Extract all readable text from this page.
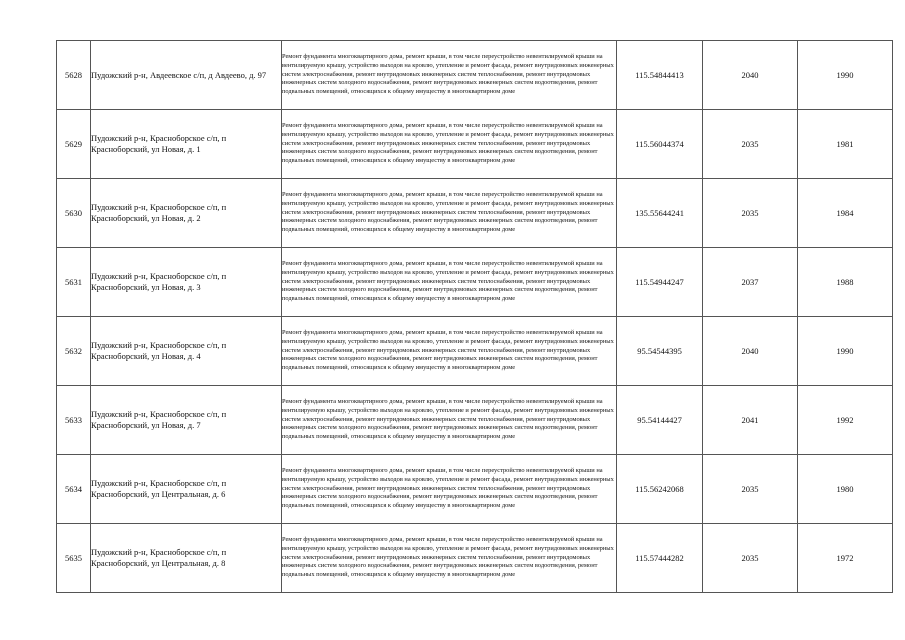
5628	Пудожский р-н, Авдеевское с/п, д Авдеево, д. 97	Ремонт фундамента многоквартирного дома, ремонт крыши, в том числе переустройство невентилируемой крыши на вентилируемую крышу, устройство выходов на кровлю, утепление и ремонт фасада, ремонт внутридомовых инженерных систем электроснабжения, ремонт внутридомовых инженерных систем теплоснабжения, ремонт внутридомовых инженерных систем холодного водоснабжения, ремонт внутридомовых инженерных систем водоотведения, ремонт подвальных помещений, относящихся к общему имуществу в многоквартирном доме	115.54844413	2040	1990
5629	Пудожский р-н, Красноборское с/п, п Красноборский, ул Новая, д. 1	Ремонт фундамента многоквартирного дома, ремонт крыши, в том числе переустройство невентилируемой крыши на вентилируемую крышу, устройство выходов на кровлю, утепление и ремонт фасада, ремонт внутридомовых инженерных систем электроснабжения, ремонт внутридомовых инженерных систем теплоснабжения, ремонт внутридомовых инженерных систем холодного водоснабжения, ремонт внутридомовых инженерных систем водоотведения, ремонт подвальных помещений, относящихся к общему имуществу в многоквартирном доме	115.56044374	2035	1981
5630	Пудожский р-н, Красноборское с/п, п Красноборский, ул Новая, д. 2	Ремонт фундамента многоквартирного дома, ремонт крыши, в том числе переустройство невентилируемой крыши на вентилируемую крышу, устройство выходов на кровлю, утепление и ремонт фасада, ремонт внутридомовых инженерных систем электроснабжения, ремонт внутридомовых инженерных систем теплоснабжения, ремонт внутридомовых инженерных систем холодного водоснабжения, ремонт внутридомовых инженерных систем водоотведения, ремонт подвальных помещений, относящихся к общему имуществу в многоквартирном доме	135.55644241	2035	1984
5631	Пудожский р-н, Красноборское с/п, п Красноборский, ул Новая, д. 3	Ремонт фундамента многоквартирного дома, ремонт крыши, в том числе переустройство невентилируемой крыши на вентилируемую крышу, устройство выходов на кровлю, утепление и ремонт фасада, ремонт внутридомовых инженерных систем электроснабжения, ремонт внутридомовых инженерных систем теплоснабжения, ремонт внутридомовых инженерных систем холодного водоснабжения, ремонт внутридомовых инженерных систем водоотведения, ремонт подвальных помещений, относящихся к общему имуществу в многоквартирном доме	115.54944247	2037	1988
5632	Пудожский р-н, Красноборское с/п, п Красноборский, ул Новая, д. 4	Ремонт фундамента многоквартирного дома, ремонт крыши, в том числе переустройство невентилируемой крыши на вентилируемую крышу, устройство выходов на кровлю, утепление и ремонт фасада, ремонт внутридомовых инженерных систем электроснабжения, ремонт внутридомовых инженерных систем теплоснабжения, ремонт внутридомовых инженерных систем холодного водоснабжения, ремонт внутридомовых инженерных систем водоотведения, ремонт подвальных помещений, относящихся к общему имуществу в многоквартирном доме	95.54544395	2040	1990
5633	Пудожский р-н, Красноборское с/п, п Красноборский, ул Новая, д. 7	Ремонт фундамента многоквартирного дома, ремонт крыши, в том числе переустройство невентилируемой крыши на вентилируемую крышу, устройство выходов на кровлю, утепление и ремонт фасада, ремонт внутридомовых инженерных систем электроснабжения, ремонт внутридомовых инженерных систем теплоснабжения, ремонт внутридомовых инженерных систем холодного водоснабжения, ремонт внутридомовых инженерных систем водоотведения, ремонт подвальных помещений, относящихся к общему имуществу в многоквартирном доме	95.54144427	2041	1992
5634	Пудожский р-н, Красноборское с/п, п Красноборский, ул Центральная, д. 6	Ремонт фундамента многоквартирного дома, ремонт крыши, в том числе переустройство невентилируемой крыши на вентилируемую крышу, устройство выходов на кровлю, утепление и ремонт фасада, ремонт внутридомовых инженерных систем электроснабжения, ремонт внутридомовых инженерных систем теплоснабжения, ремонт внутридомовых инженерных систем холодного водоснабжения, ремонт внутридомовых инженерных систем водоотведения, ремонт подвальных помещений, относящихся к общему имуществу в многоквартирном доме	115.56242068	2035	1980
5635	Пудожский р-н, Красноборское с/п, п Красноборский, ул Центральная, д. 8	Ремонт фундамента многоквартирного дома, ремонт крыши, в том числе переустройство невентилируемой крыши на вентилируемую крышу, устройство выходов на кровлю, утепление и ремонт фасада, ремонт внутридомовых инженерных систем электроснабжения, ремонт внутридомовых инженерных систем теплоснабжения, ремонт внутридомовых инженерных систем холодного водоснабжения, ремонт внутридомовых инженерных систем водоотведения, ремонт подвальных помещений, относящихся к общему имуществу в многоквартирном доме	115.57444282	2035	1972
